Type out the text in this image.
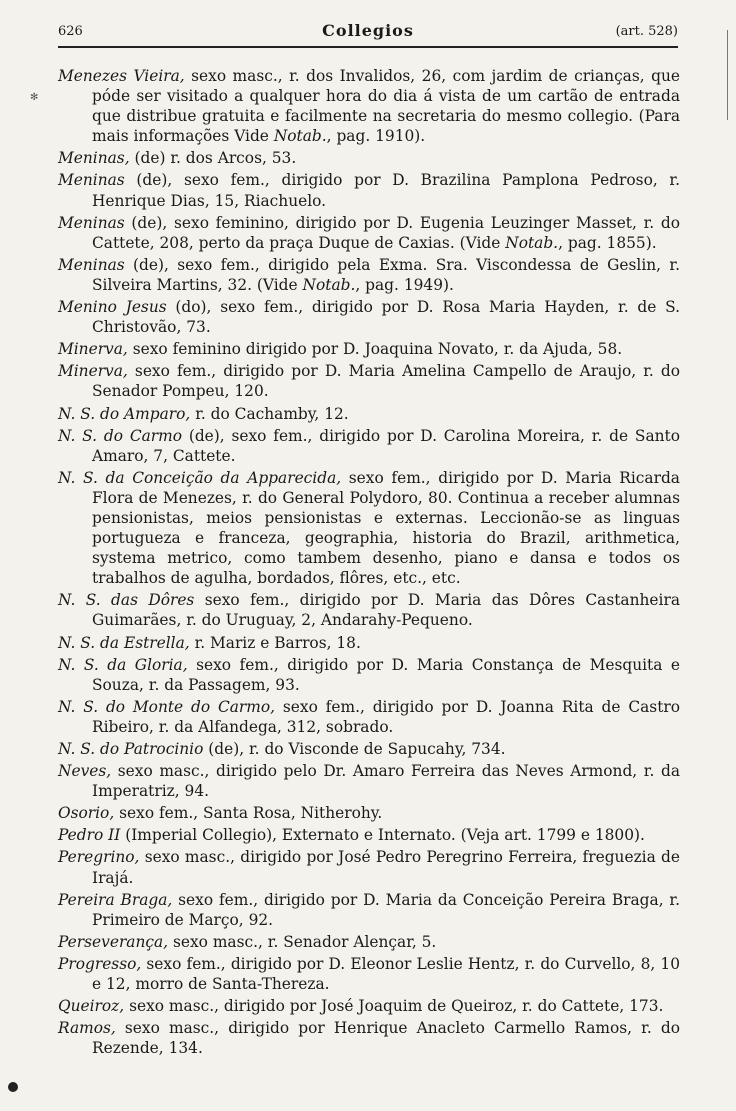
626	Collegios	(art. 528)
✻

Menezes Vieira, sexo masc., r. dos Invalidos, 26, com jardim de crianças, que póde ser visitado a qualquer hora do dia á vista de um cartão de entrada que distribue gratuita e facilmente na secretaria do mesmo collegio. (Para mais informações Vide Notab., pag. 1910).

Meninas, (de) r. dos Arcos, 53.

Meninas (de), sexo fem., dirigido por D. Brazilina Pamplona Pedroso, r. Henrique Dias, 15, Riachuelo.

Meninas (de), sexo feminino, dirigido por D. Eugenia Leuzinger Masset, r. do Cattete, 208, perto da praça Duque de Caxias. (Vide Notab., pag. 1855).

Meninas (de), sexo fem., dirigido pela Exma. Sra. Viscondessa de Geslin, r. Silveira Martins, 32. (Vide Notab., pag. 1949).

Menino Jesus (do), sexo fem., dirigido por D. Rosa Maria Hayden, r. de S. Christovão, 73.

Minerva, sexo feminino dirigido por D. Joaquina Novato, r. da Ajuda, 58.

Minerva, sexo fem., dirigido por D. Maria Amelina Campello de Araujo, r. do Senador Pompeu, 120.

N. S. do Amparo, r. do Cachamby, 12.

N. S. do Carmo (de), sexo fem., dirigido por D. Carolina Moreira, r. de Santo Amaro, 7, Cattete.

N. S. da Conceição da Apparecida, sexo fem., dirigido por D. Maria Ricarda Flora de Menezes, r. do General Polydoro, 80. Continua a receber alumnas pensionistas, meios pensionistas e externas. Leccionão-se as linguas portugueza e franceza, geographia, historia do Brazil, arithmetica, systema metrico, como tambem desenho, piano e dansa e todos os trabalhos de agulha, bordados, flôres, etc., etc.

N. S. das Dôres sexo fem., dirigido por D. Maria das Dôres Castanheira Guimarães, r. do Uruguay, 2, Andarahy-Pequeno.

N. S. da Estrella, r. Mariz e Barros, 18.

N. S. da Gloria, sexo fem., dirigido por D. Maria Constança de Mesquita e Souza, r. da Passagem, 93.

N. S. do Monte do Carmo, sexo fem., dirigido por D. Joanna Rita de Castro Ribeiro, r. da Alfandega, 312, sobrado.

N. S. do Patrocinio (de), r. do Visconde de Sapucahy, 734.

Neves, sexo masc., dirigido pelo Dr. Amaro Ferreira das Neves Armond, r. da Imperatriz, 94.

Osorio, sexo fem., Santa Rosa, Nitherohy.

Pedro II (Imperial Collegio), Externato e Internato. (Veja art. 1799 e 1800).

Peregrino, sexo masc., dirigido por José Pedro Peregrino Ferreira, freguezia de Irajá.

Pereira Braga, sexo fem., dirigido por D. Maria da Conceição Pereira Braga, r. Primeiro de Março, 92.

Perseverança, sexo masc., r. Senador Alençar, 5.

Progresso, sexo fem., dirigido por D. Eleonor Leslie Hentz, r. do Curvello, 8, 10 e 12, morro de Santa-Thereza.

Queiroz, sexo masc., dirigido por José Joaquim de Queiroz, r. do Cattete, 173.

Ramos, sexo masc., dirigido por Henrique Anacleto Carmello Ramos, r. do Rezende, 134.
